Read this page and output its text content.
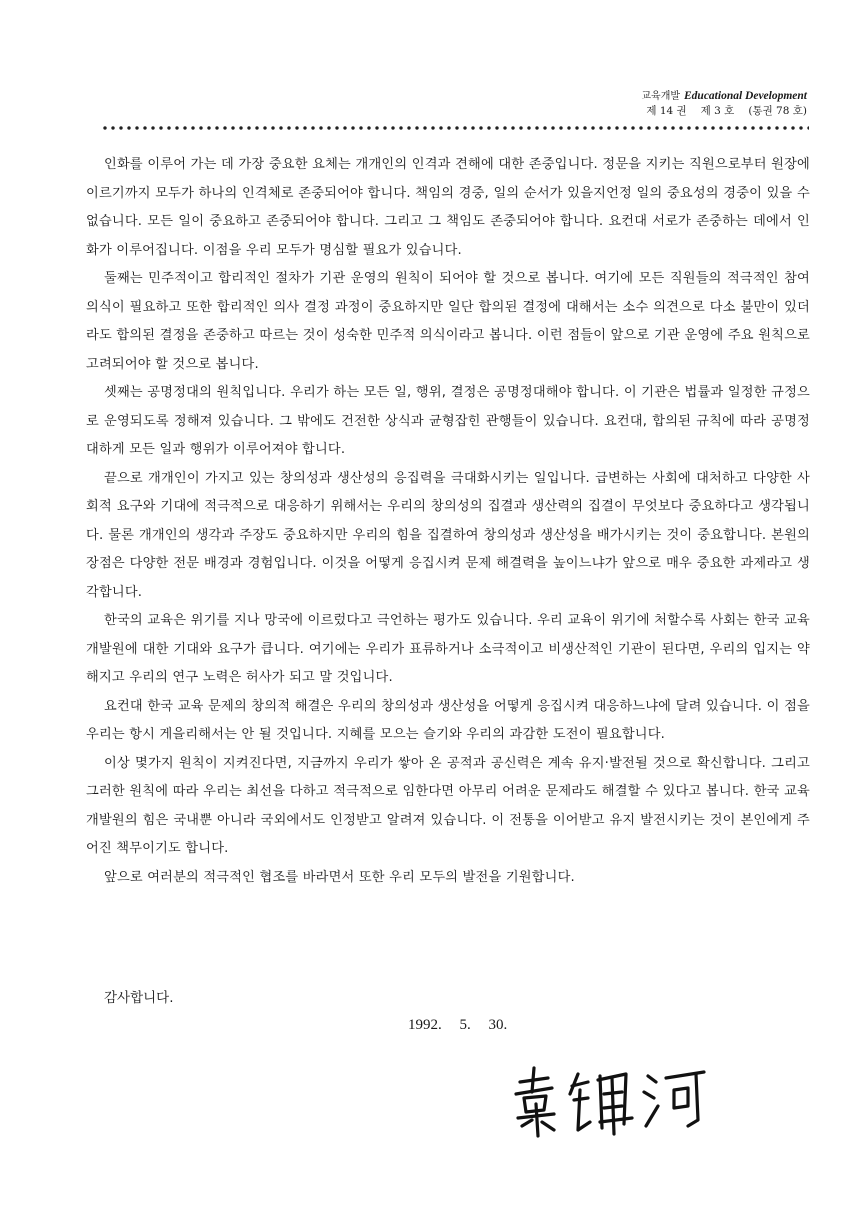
교육개발 Educational Development
제 14 권 제 3 호 (통권 78 호)

인화를 이루어 가는 데 가장 중요한 요체는 개개인의 인격과 견해에 대한 존중입니다. 정문을 지키는 직원으로부터 원장에 이르기까지 모두가 하나의 인격체로 존중되어야 합니다. 책임의 경중, 일의 순서가 있을지언정 일의 중요성의 경중이 있을 수 없습니다. 모든 일이 중요하고 존중되어야 합니다. 그리고 그 책임도 존중되어야 합니다. 요컨대 서로가 존중하는 데에서 인화가 이루어집니다. 이점을 우리 모두가 명심할 필요가 있습니다.

둘째는 민주적이고 합리적인 절차가 기관 운영의 원칙이 되어야 할 것으로 봅니다. 여기에 모든 직원들의 적극적인 참여 의식이 필요하고 또한 합리적인 의사 결정 과정이 중요하지만 일단 합의된 결정에 대해서는 소수 의견으로 다소 불만이 있더라도 합의된 결정을 존중하고 따르는 것이 성숙한 민주적 의식이라고 봅니다. 이런 점들이 앞으로 기관 운영에 주요 원칙으로 고려되어야 할 것으로 봅니다.

셋째는 공명정대의 원칙입니다. 우리가 하는 모든 일, 행위, 결정은 공명정대해야 합니다. 이 기관은 법률과 일정한 규정으로 운영되도록 정해져 있습니다. 그 밖에도 건전한 상식과 균형잡힌 관행들이 있습니다. 요컨대, 합의된 규칙에 따라 공명정대하게 모든 일과 행위가 이루어져야 합니다.

끝으로 개개인이 가지고 있는 창의성과 생산성의 응집력을 극대화시키는 일입니다. 급변하는 사회에 대처하고 다양한 사회적 요구와 기대에 적극적으로 대응하기 위해서는 우리의 창의성의 집결과 생산력의 집결이 무엇보다 중요하다고 생각됩니다. 물론 개개인의 생각과 주장도 중요하지만 우리의 힘을 집결하여 창의성과 생산성을 배가시키는 것이 중요합니다. 본원의 장점은 다양한 전문 배경과 경험입니다. 이것을 어떻게 응집시켜 문제 해결력을 높이느냐가 앞으로 매우 중요한 과제라고 생각합니다.

한국의 교육은 위기를 지나 망국에 이르렀다고 극언하는 평가도 있습니다. 우리 교육이 위기에 처할수록 사회는 한국 교육 개발원에 대한 기대와 요구가 큽니다. 여기에는 우리가 표류하거나 소극적이고 비생산적인 기관이 된다면, 우리의 입지는 약해지고 우리의 연구 노력은 허사가 되고 말 것입니다.

요컨대 한국 교육 문제의 창의적 해결은 우리의 창의성과 생산성을 어떻게 응집시켜 대응하느냐에 달려 있습니다. 이 점을 우리는 항시 게을리해서는 안 될 것입니다. 지혜를 모으는 슬기와 우리의 과감한 도전이 필요합니다.

이상 몇가지 원칙이 지켜진다면, 지금까지 우리가 쌓아 온 공적과 공신력은 계속 유지·발전될 것으로 확신합니다. 그리고 그러한 원칙에 따라 우리는 최선을 다하고 적극적으로 임한다면 아무리 어려운 문제라도 해결할 수 있다고 봅니다. 한국 교육 개발원의 힘은 국내뿐 아니라 국외에서도 인정받고 알려져 있습니다. 이 전통을 이어받고 유지 발전시키는 것이 본인에게 주어진 책무이기도 합니다.

앞으로 여러분의 적극적인 협조를 바라면서 또한 우리 모두의 발전을 기원합니다.

감사합니다.
1992. 5. 30.
